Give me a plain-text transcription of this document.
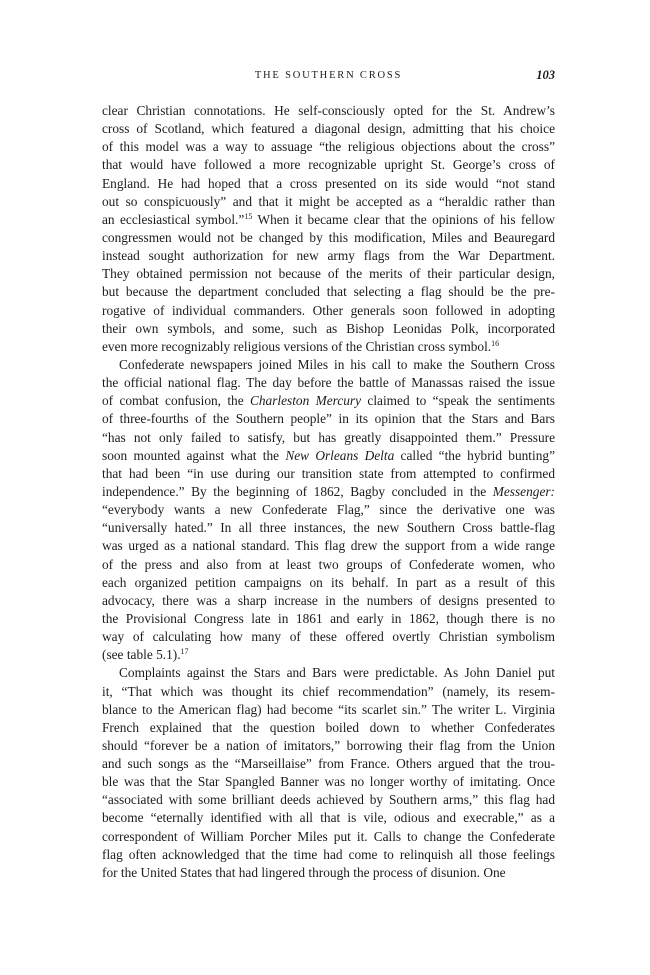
THE SOUTHERN CROSS	103
clear Christian connotations. He self-consciously opted for the St. Andrew’s
cross of Scotland, which featured a diagonal design, admitting that his choice
of this model was a way to assuage “the religious objections about the cross”
that would have followed a more recognizable upright St. George’s cross of
England. He had hoped that a cross presented on its side would “not stand
out so conspicuously” and that it might be accepted as a “heraldic rather than
an ecclesiastical symbol.”$^{15}$ When it became clear that the opinions of his fellow
congressmen would not be changed by this modification, Miles and Beauregard
instead sought authorization for new army flags from the War Department.
They obtained permission not because of the merits of their particular design,
but because the department concluded that selecting a flag should be the pre-
rogative of individual commanders. Other generals soon followed in adopting
their own symbols, and some, such as Bishop Leonidas Polk, incorporated
even more recognizably religious versions of the Christian cross symbol.$^{16}$
Confederate newspapers joined Miles in his call to make the Southern Cross
the official national flag. The day before the battle of Manassas raised the issue
of combat confusion, the Charleston Mercury claimed to “speak the sentiments
of three-fourths of the Southern people” in its opinion that the Stars and Bars
“has not only failed to satisfy, but has greatly disappointed them.” Pressure
soon mounted against what the New Orleans Delta called “the hybrid bunting”
that had been “in use during our transition state from attempted to confirmed
independence.” By the beginning of 1862, Bagby concluded in the Messenger:
“everybody wants a new Confederate Flag,” since the derivative one was
“universally hated.” In all three instances, the new Southern Cross battle-flag
was urged as a national standard. This flag drew the support from a wide range
of the press and also from at least two groups of Confederate women, who
each organized petition campaigns on its behalf. In part as a result of this
advocacy, there was a sharp increase in the numbers of designs presented to
the Provisional Congress late in 1861 and early in 1862, though there is no
way of calculating how many of these offered overtly Christian symbolism
(see table 5.1).$^{17}$
Complaints against the Stars and Bars were predictable. As John Daniel put
it, “That which was thought its chief recommendation” (namely, its resem-
blance to the American flag) had become “its scarlet sin.” The writer L. Virginia
French explained that the question boiled down to whether Confederates
should “forever be a nation of imitators,” borrowing their flag from the Union
and such songs as the “Marseillaise” from France. Others argued that the trou-
ble was that the Star Spangled Banner was no longer worthy of imitating. Once
“associated with some brilliant deeds achieved by Southern arms,” this flag had
become “eternally identified with all that is vile, odious and execrable,” as a
correspondent of William Porcher Miles put it. Calls to change the Confederate
flag often acknowledged that the time had come to relinquish all those feelings
for the United States that had lingered through the process of disunion. One
